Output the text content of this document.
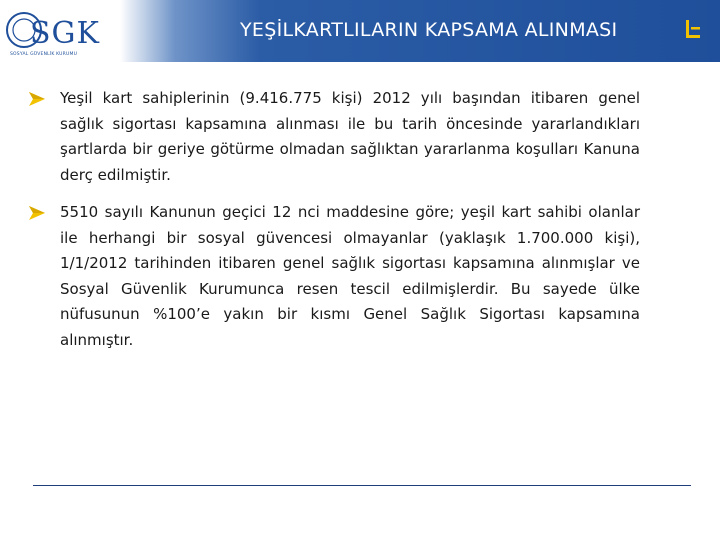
SGK
SOSYAL GÜVENLİK KURUMU
YEŞİLKARTLILARIN KAPSAMA ALINMASI
Yeşil kart sahiplerinin (9.416.775 kişi) 2012 yılı başından itibaren genel sağlık sigortası kapsamına alınması ile bu tarih öncesinde yararlandıkları şartlarda bir geriye götürme olmadan sağlıktan yararlanma koşulları Kanuna derç edilmiştir.
5510 sayılı Kanunun geçici 12 nci maddesine göre; yeşil kart sahibi olanlar ile herhangi bir sosyal güvencesi olmayanlar (yaklaşık 1.700.000 kişi), 1/1/2012 tarihinden itibaren genel sağlık sigortası kapsamına alınmışlar ve Sosyal Güvenlik Kurumunca resen tescil edilmişlerdir. Bu sayede ülke nüfusunun %100’e yakın bir kısmı Genel Sağlık Sigortası kapsamına alınmıştır.
